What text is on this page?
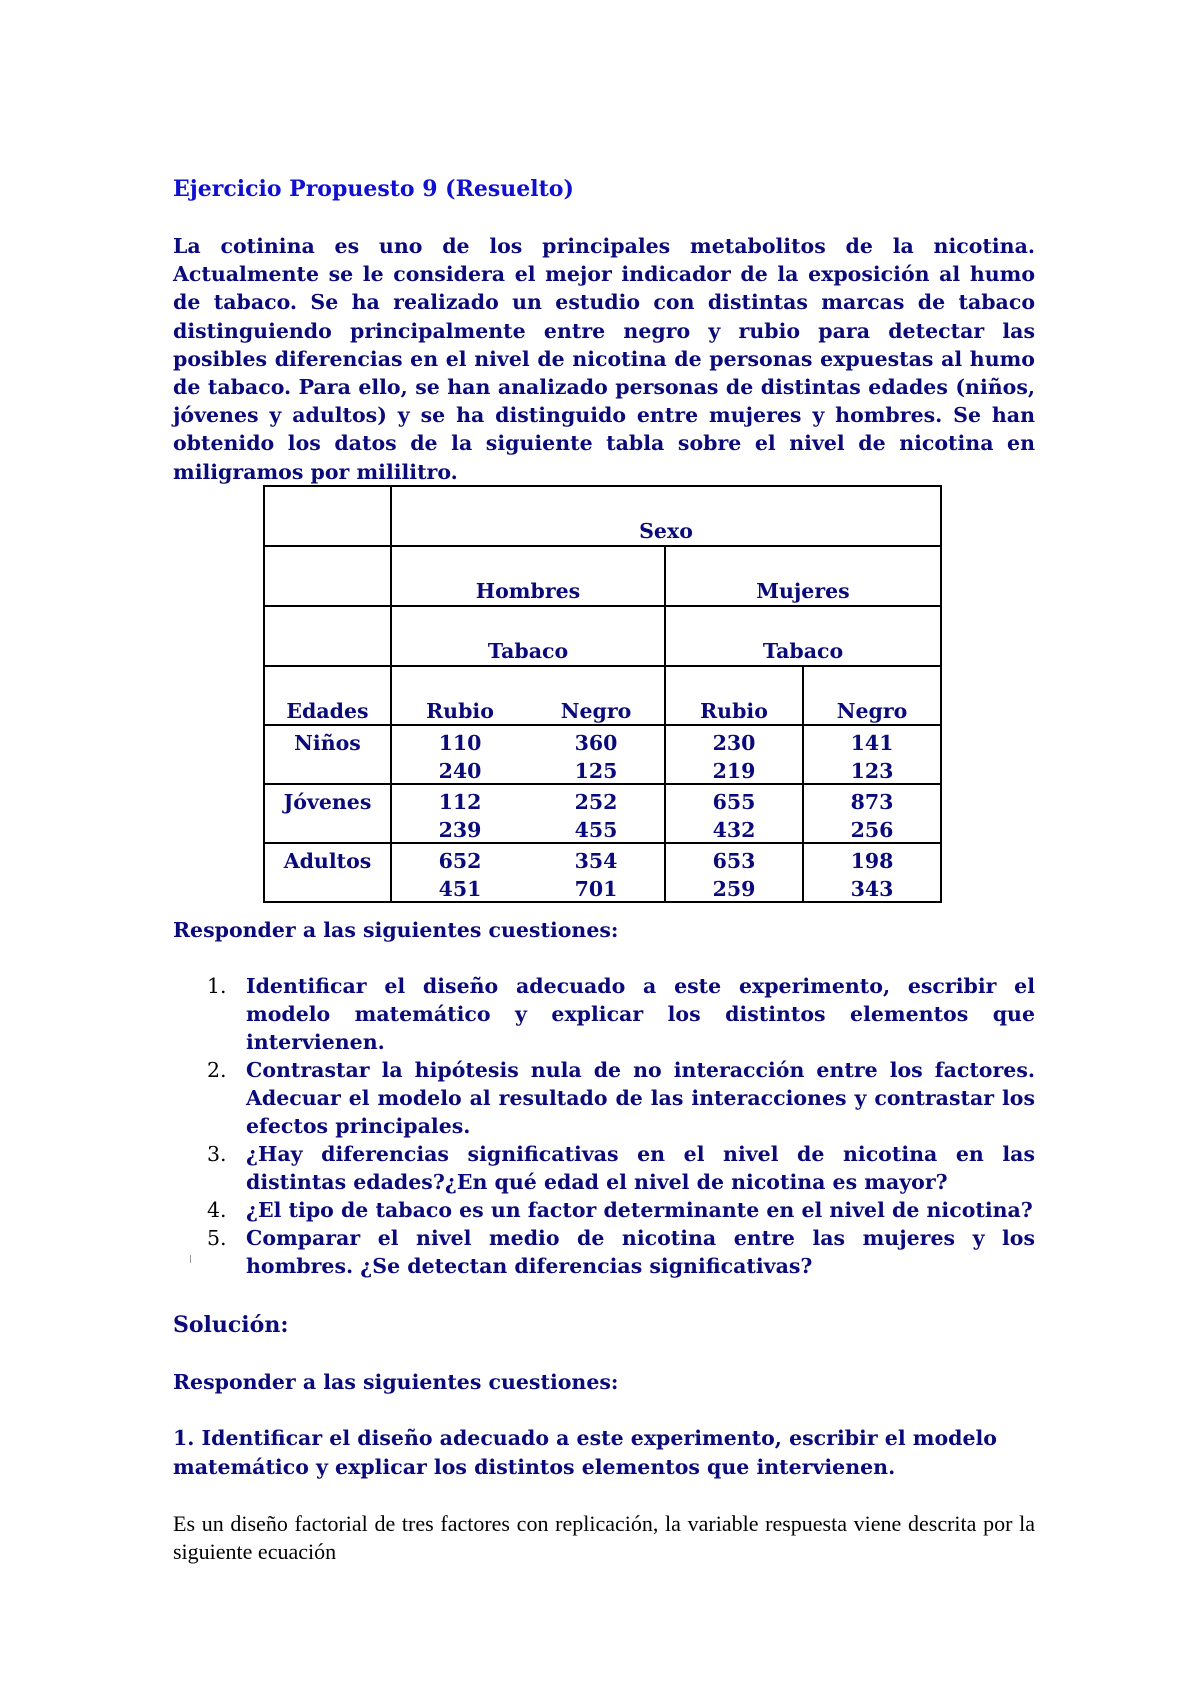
Ejercicio Propuesto 9 (Resuelto)
La cotinina es uno de los principales metabolitos de la nicotina. Actualmente se le considera el mejor indicador de la exposición al humo de tabaco. Se ha realizado un estudio con distintas marcas de tabaco distinguiendo principalmente entre negro y rubio para detectar las posibles diferencias en el nivel de nicotina de personas expuestas al humo de tabaco. Para ello, se han analizado personas de distintas edades (niños, jóvenes y adultos) y se ha distinguido entre mujeres y hombres. Se han obtenido los datos de la siguiente tabla sobre el nivel de nicotina en miligramos por mililitro.
	Sexo			
	Hombres		Mujeres	
	Tabaco		Tabaco	
Edades	Rubio	Negro	Rubio	Negro
Niños	110	360	230	141
	240	125	219	123
Jóvenes	112	252	655	873
	239	455	432	256
Adultos	652	354	653	198
	451	701	259	343
Responder a las siguientes cuestiones:
1. Identificar el diseño adecuado a este experimento, escribir el modelo matemático y explicar los distintos elementos que intervienen.
2. Contrastar la hipótesis nula de no interacción entre los factores. Adecuar el modelo al resultado de las interacciones y contrastar los efectos principales.
3. ¿Hay diferencias significativas en el nivel de nicotina en las distintas edades?¿En qué edad el nivel de nicotina es mayor?
4. ¿El tipo de tabaco es un factor determinante en el nivel de nicotina?
5. Comparar el nivel medio de nicotina entre las mujeres y los hombres. ¿Se detectan diferencias significativas?
Solución:
Responder a las siguientes cuestiones:
1. Identificar el diseño adecuado a este experimento, escribir el modelo matemático y explicar los distintos elementos que intervienen.
Es un diseño factorial de tres factores con replicación, la variable respuesta viene descrita por la siguiente ecuación
